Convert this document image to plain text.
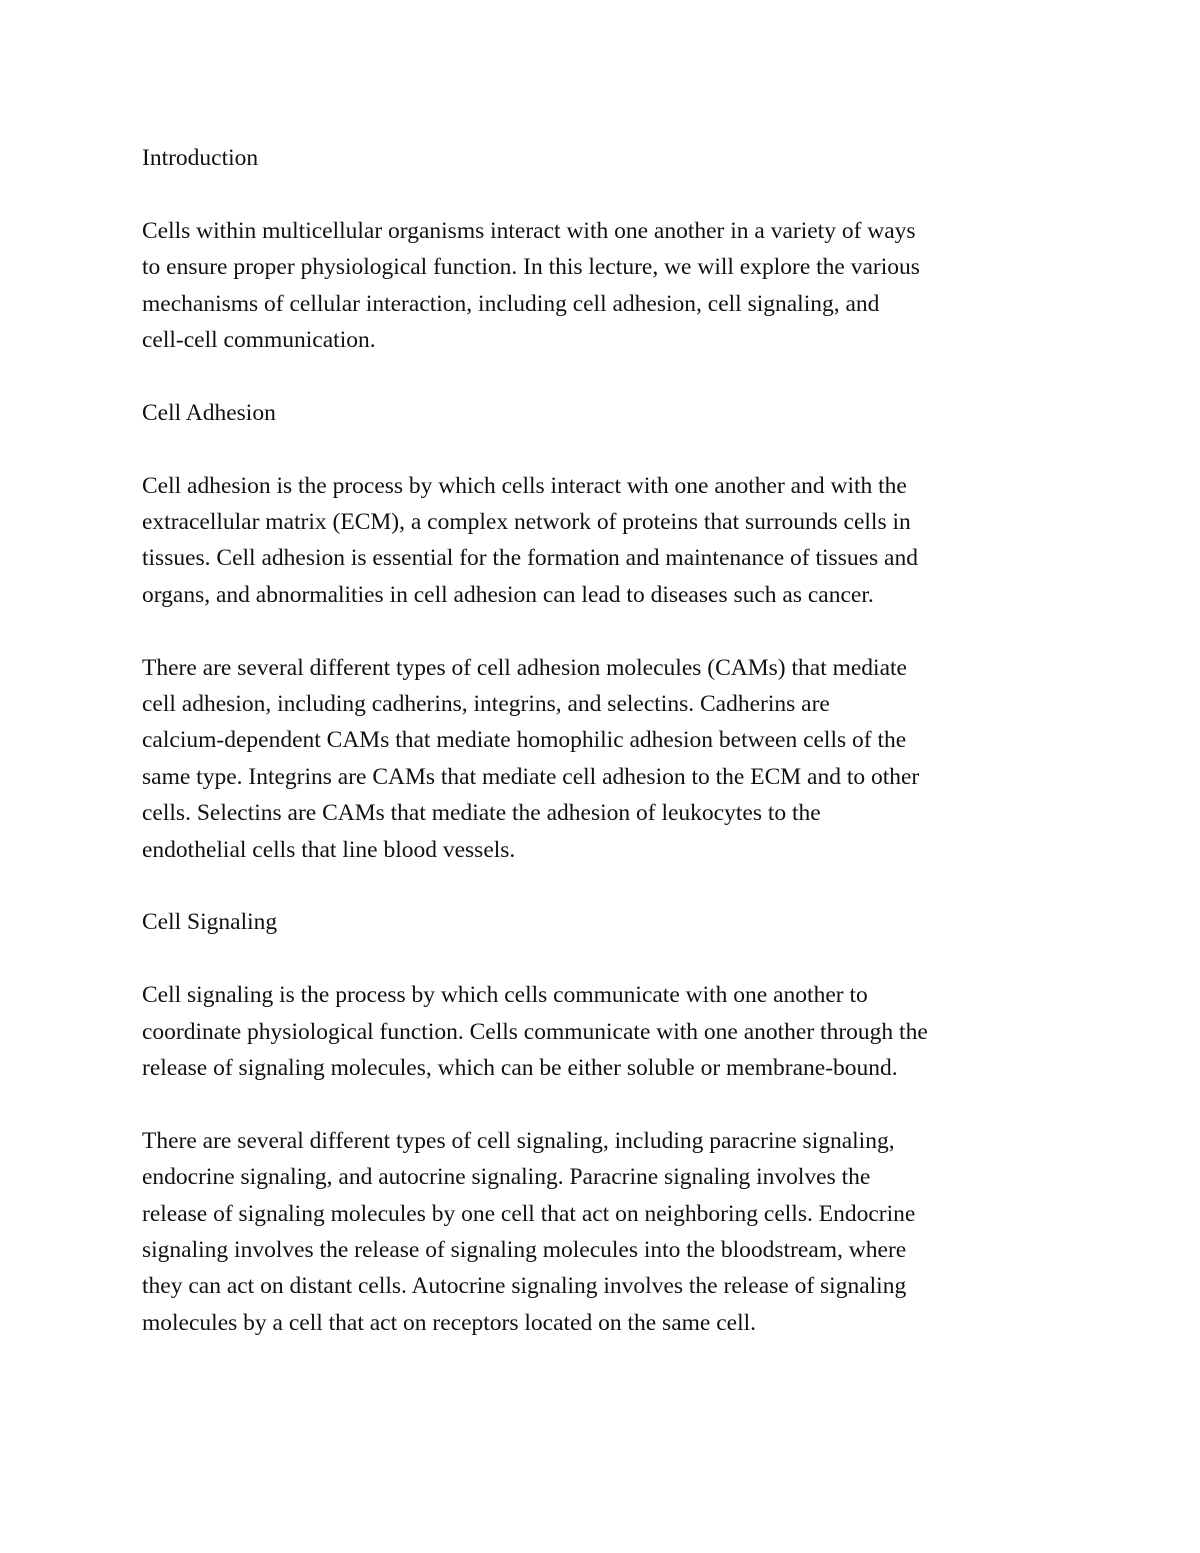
Introduction

Cells within multicellular organisms interact with one another in a variety of ways
to ensure proper physiological function. In this lecture, we will explore the various
mechanisms of cellular interaction, including cell adhesion, cell signaling, and
cell-cell communication.

Cell Adhesion

Cell adhesion is the process by which cells interact with one another and with the
extracellular matrix (ECM), a complex network of proteins that surrounds cells in
tissues. Cell adhesion is essential for the formation and maintenance of tissues and
organs, and abnormalities in cell adhesion can lead to diseases such as cancer.

There are several different types of cell adhesion molecules (CAMs) that mediate
cell adhesion, including cadherins, integrins, and selectins. Cadherins are
calcium-dependent CAMs that mediate homophilic adhesion between cells of the
same type. Integrins are CAMs that mediate cell adhesion to the ECM and to other
cells. Selectins are CAMs that mediate the adhesion of leukocytes to the
endothelial cells that line blood vessels.

Cell Signaling

Cell signaling is the process by which cells communicate with one another to
coordinate physiological function. Cells communicate with one another through the
release of signaling molecules, which can be either soluble or membrane-bound.

There are several different types of cell signaling, including paracrine signaling,
endocrine signaling, and autocrine signaling. Paracrine signaling involves the
release of signaling molecules by one cell that act on neighboring cells. Endocrine
signaling involves the release of signaling molecules into the bloodstream, where
they can act on distant cells. Autocrine signaling involves the release of signaling
molecules by a cell that act on receptors located on the same cell.
